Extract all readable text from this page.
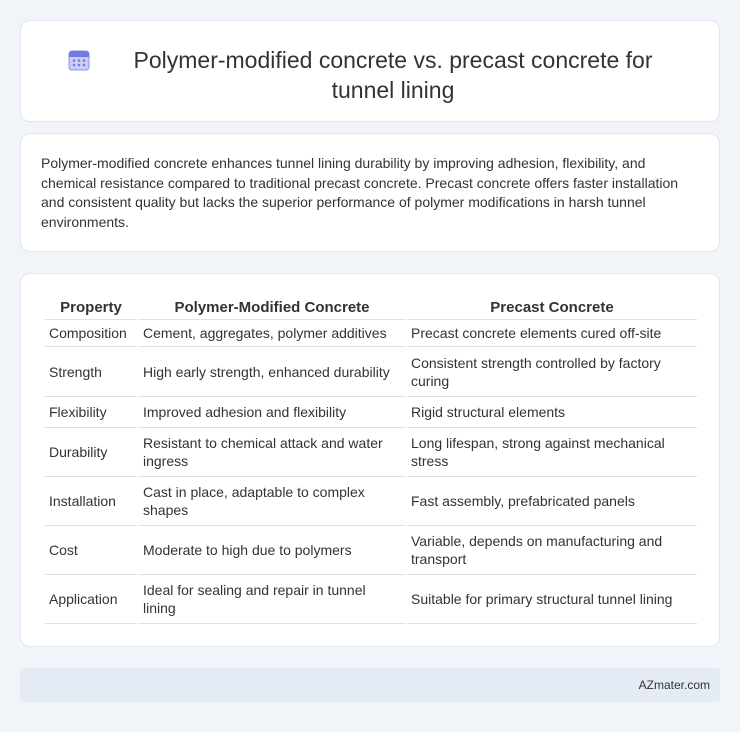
Polymer-modified concrete vs. precast concrete for tunnel lining

Polymer-modified concrete enhances tunnel lining durability by improving adhesion, flexibility, and chemical resistance compared to traditional precast concrete. Precast concrete offers faster installation and consistent quality but lacks the superior performance of polymer modifications in harsh tunnel environments.

Property	Polymer-Modified Concrete	Precast Concrete
Composition	Cement, aggregates, polymer additives	Precast concrete elements cured off-site
Strength	High early strength, enhanced durability	Consistent strength controlled by factory curing
Flexibility	Improved adhesion and flexibility	Rigid structural elements
Durability	Resistant to chemical attack and water ingress	Long lifespan, strong against mechanical stress
Installation	Cast in place, adaptable to complex shapes	Fast assembly, prefabricated panels
Cost	Moderate to high due to polymers	Variable, depends on manufacturing and transport
Application	Ideal for sealing and repair in tunnel lining	Suitable for primary structural tunnel lining
AZmater.com
